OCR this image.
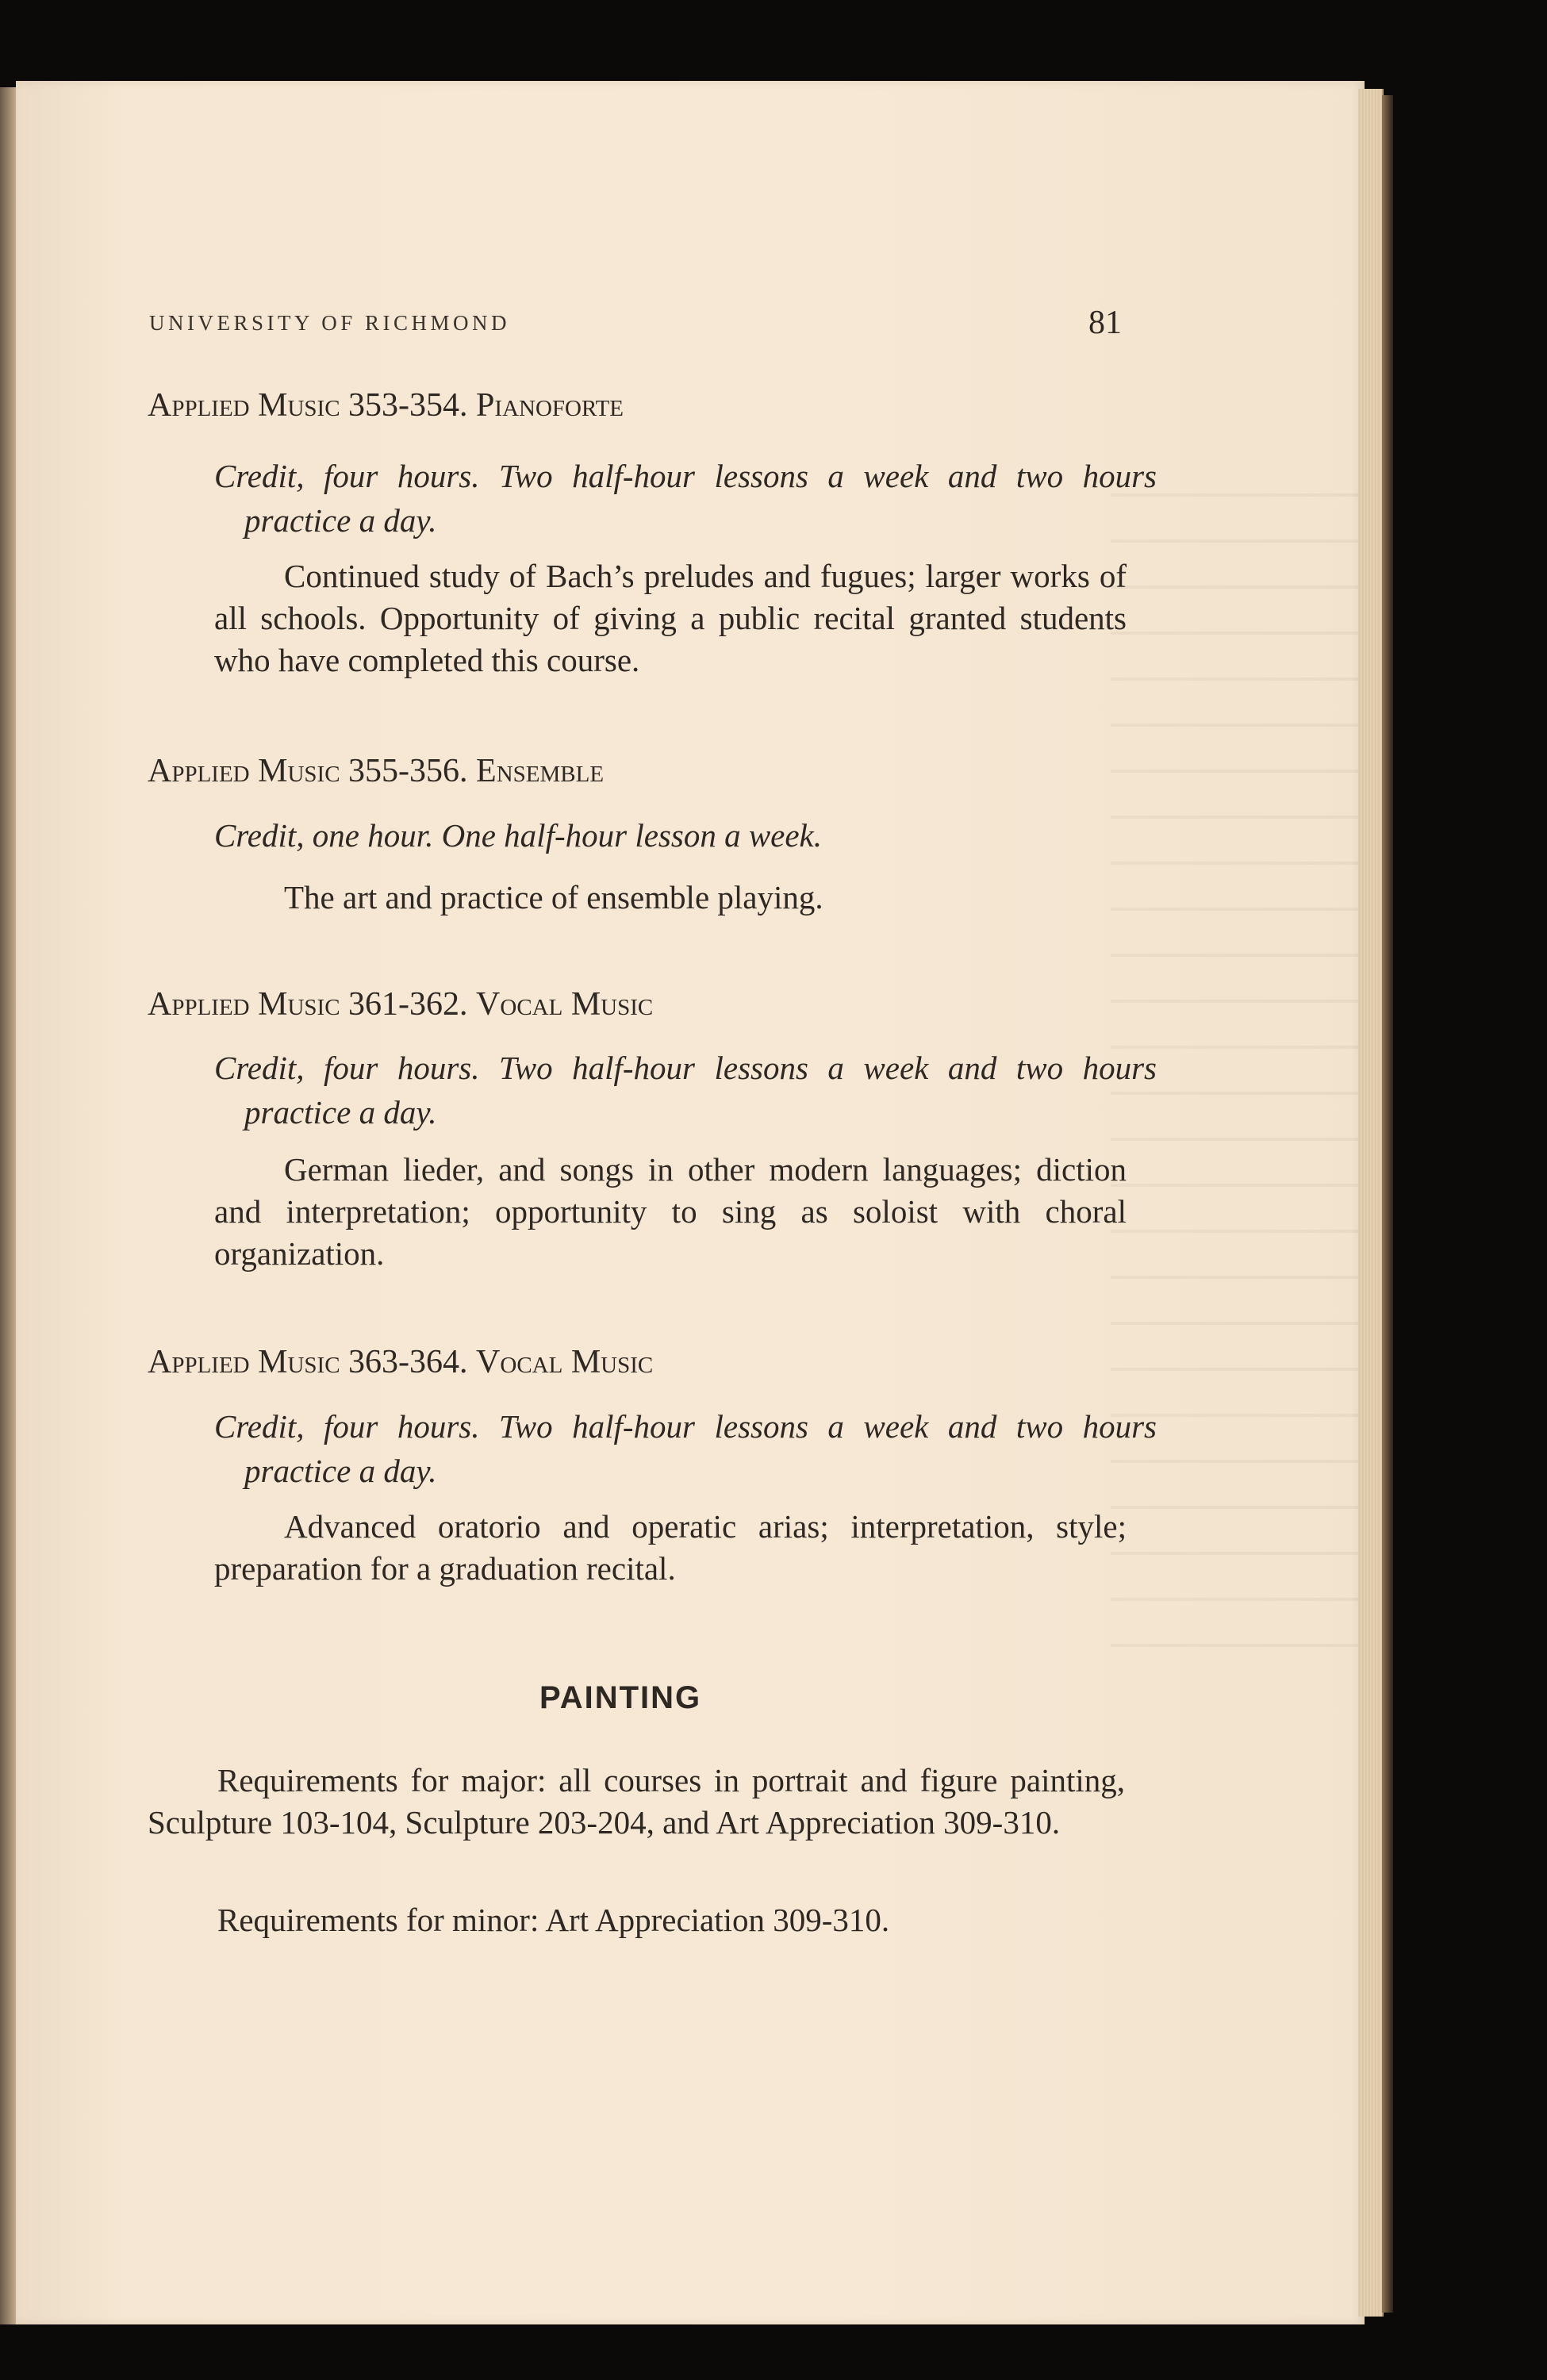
UNIVERSITY OF RICHMOND	81
Applied Music 353-354. Pianoforte
Credit, four hours. Two half-hour lessons a week and two hours practice a day.
Continued study of Bach’s preludes and fugues; larger works of all schools. Opportunity of giving a public recital granted students who have completed this course.
Applied Music 355-356. Ensemble
Credit, one hour. One half-hour lesson a week.
The art and practice of ensemble playing.
Applied Music 361-362. Vocal Music
Credit, four hours. Two half-hour lessons a week and two hours practice a day.
German lieder, and songs in other modern languages; diction and interpretation; opportunity to sing as soloist with choral organization.
Applied Music 363-364. Vocal Music
Credit, four hours. Two half-hour lessons a week and two hours practice a day.
Advanced oratorio and operatic arias; interpretation, style; preparation for a graduation recital.
PAINTING
Requirements for major: all courses in portrait and figure painting, Sculpture 103-104, Sculpture 203-204, and Art Appreciation 309-310.
Requirements for minor: Art Appreciation 309-310.
